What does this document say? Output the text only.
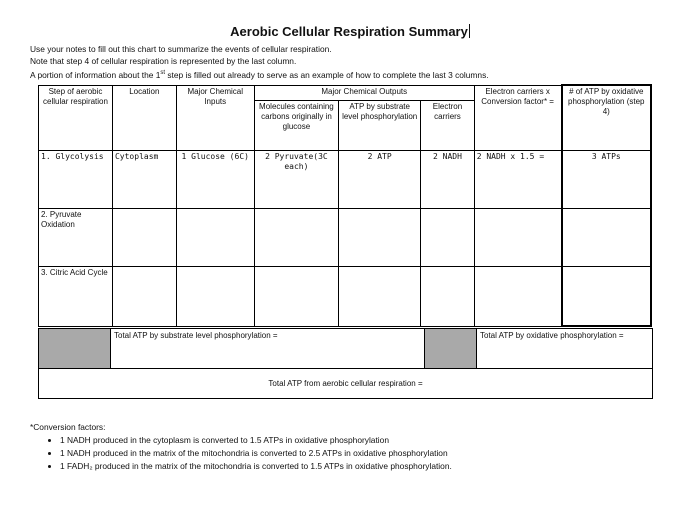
Aerobic Cellular Respiration Summary
Use your notes to fill out this chart to summarize the events of cellular respiration.
Note that step 4 of cellular respiration is represented by the last column.
A portion of information about the 1st step is filled out already to serve as an example of how to complete the last 3 columns.
Step of aerobic cellular respiration	Location	Major Chemical Inputs	Major Chemical Outputs			Electron carriers x Conversion factor* =	# of ATP by oxidative phosphorylation (step 4)
			Molecules containing carbons originally in glucose	ATP by substrate level phosphorylation	Electron carriers		
1. Glycolysis	Cytoplasm	1 Glucose (6C)	2 Pyruvate(3C each)	2 ATP	2 NADH	2 NADH x 1.5 =	3 ATPs
2. Pyruvate Oxidation							
3. Citric Acid Cycle							
	Total ATP by substrate level phosphorylation =		Total ATP by oxidative phosphorylation =
Total ATP from aerobic cellular respiration =
*Conversion factors:
• 1 NADH produced in the cytoplasm is converted to 1.5 ATPs in oxidative phosphorylation
• 1 NADH produced in the matrix of the mitochondria is converted to 2.5 ATPs in oxidative phosphorylation
• 1 FADH₂ produced in the matrix of the mitochondria is converted to 1.5 ATPs in oxidative phosphorylation.
